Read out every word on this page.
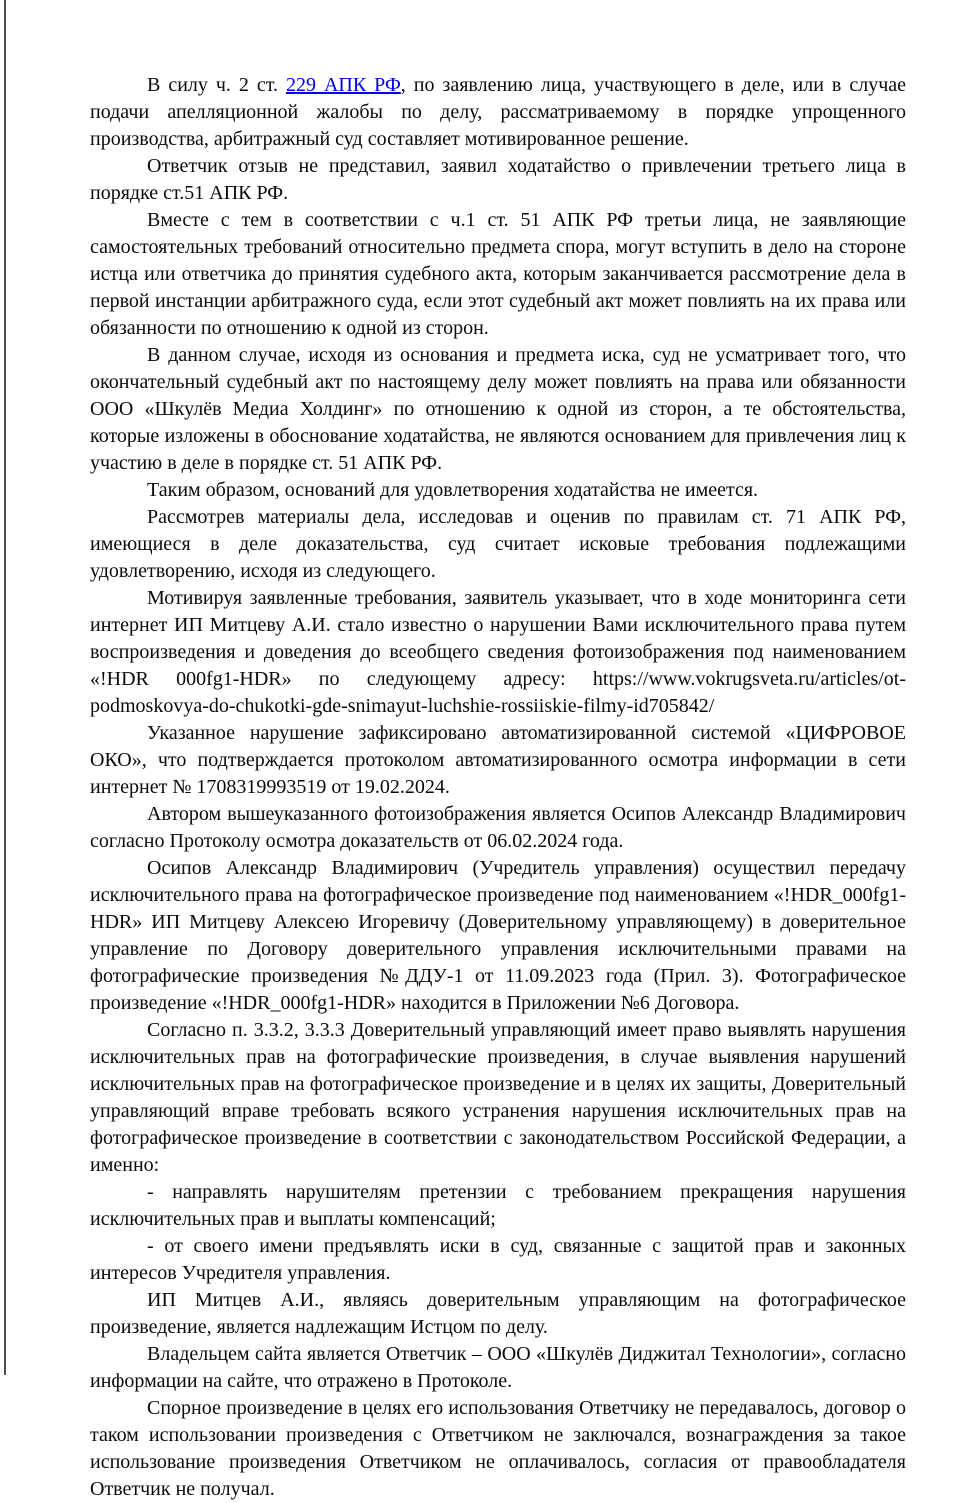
В силу ч. 2 ст. 229 АПК РФ, по заявлению лица, участвующего в деле, или в случае подачи апелляционной жалобы по делу, рассматриваемому в порядке упрощенного производства, арбитражный суд составляет мотивированное решение.

Ответчик отзыв не представил, заявил ходатайство о привлечении третьего лица в порядке ст.51 АПК РФ.

Вместе с тем в соответствии с ч.1 ст. 51 АПК РФ третьи лица, не заявляющие самостоятельных требований относительно предмета спора, могут вступить в дело на стороне истца или ответчика до принятия судебного акта, которым заканчивается рассмотрение дела в первой инстанции арбитражного суда, если этот судебный акт может повлиять на их права или обязанности по отношению к одной из сторон.

В данном случае, исходя из основания и предмета иска, суд не усматривает того, что окончательный судебный акт по настоящему делу может повлиять на права или обязанности ООО «Шкулёв Медиа Холдинг» по отношению к одной из сторон, а те обстоятельства, которые изложены в обоснование ходатайства, не являются основанием для привлечения лиц к участию в деле в порядке ст. 51 АПК РФ.

Таким образом, оснований для удовлетворения ходатайства не имеется.

Рассмотрев материалы дела, исследовав и оценив по правилам ст. 71 АПК РФ, имеющиеся в деле доказательства, суд считает исковые требования подлежащими удовлетворению, исходя из следующего.

Мотивируя заявленные требования, заявитель указывает, что в ходе мониторинга сети интернет ИП Митцеву А.И. стало известно о нарушении Вами исключительного права путем воспроизведения и доведения до всеобщего сведения фотоизображения под наименованием «!HDR 000fg1-HDR» по следующему адресу: https://www.vokrugsveta.ru/articles/ot-podmoskovya-do-chukotki-gde-snimayut-luchshie-rossiiskie-filmy-id705842/

Указанное нарушение зафиксировано автоматизированной системой «ЦИФРОВОЕ ОКО», что подтверждается протоколом автоматизированного осмотра информации в сети интернет № 1708319993519 от 19.02.2024.

Автором вышеуказанного фотоизображения является Осипов Александр Владимирович согласно Протоколу осмотра доказательств от 06.02.2024 года.

Осипов Александр Владимирович (Учредитель управления) осуществил передачу исключительного права на фотографическое произведение под наименованием «!HDR_000fg1-HDR» ИП Митцеву Алексею Игоревичу (Доверительному управляющему) в доверительное управление по Договору доверительного управления исключительными правами на фотографические произведения №ДДУ-1 от 11.09.2023 года (Прил. 3). Фотографическое произведение «!HDR_000fg1-HDR» находится в Приложении №6 Договора.

Согласно п. 3.3.2, 3.3.3 Доверительный управляющий имеет право выявлять нарушения исключительных прав на фотографические произведения, в случае выявления нарушений исключительных прав на фотографическое произведение и в целях их защиты, Доверительный управляющий вправе требовать всякого устранения нарушения исключительных прав на фотографическое произведение в соответствии с законодательством Российской Федерации, а именно:

- направлять нарушителям претензии с требованием прекращения нарушения исключительных прав и выплаты компенсаций;

- от своего имени предъявлять иски в суд, связанные с защитой прав и законных интересов Учредителя управления.

ИП Митцев А.И., являясь доверительным управляющим на фотографическое произведение, является надлежащим Истцом по делу.

Владельцем сайта является Ответчик – ООО «Шкулёв Диджитал Технологии», согласно информации на сайте, что отражено в Протоколе.

Спорное произведение в целях его использования Ответчику не передавалось, договор о таком использовании произведения с Ответчиком не заключался, вознаграждения за такое использование произведения Ответчиком не оплачивалось, согласия от правообладателя Ответчик не получал.
